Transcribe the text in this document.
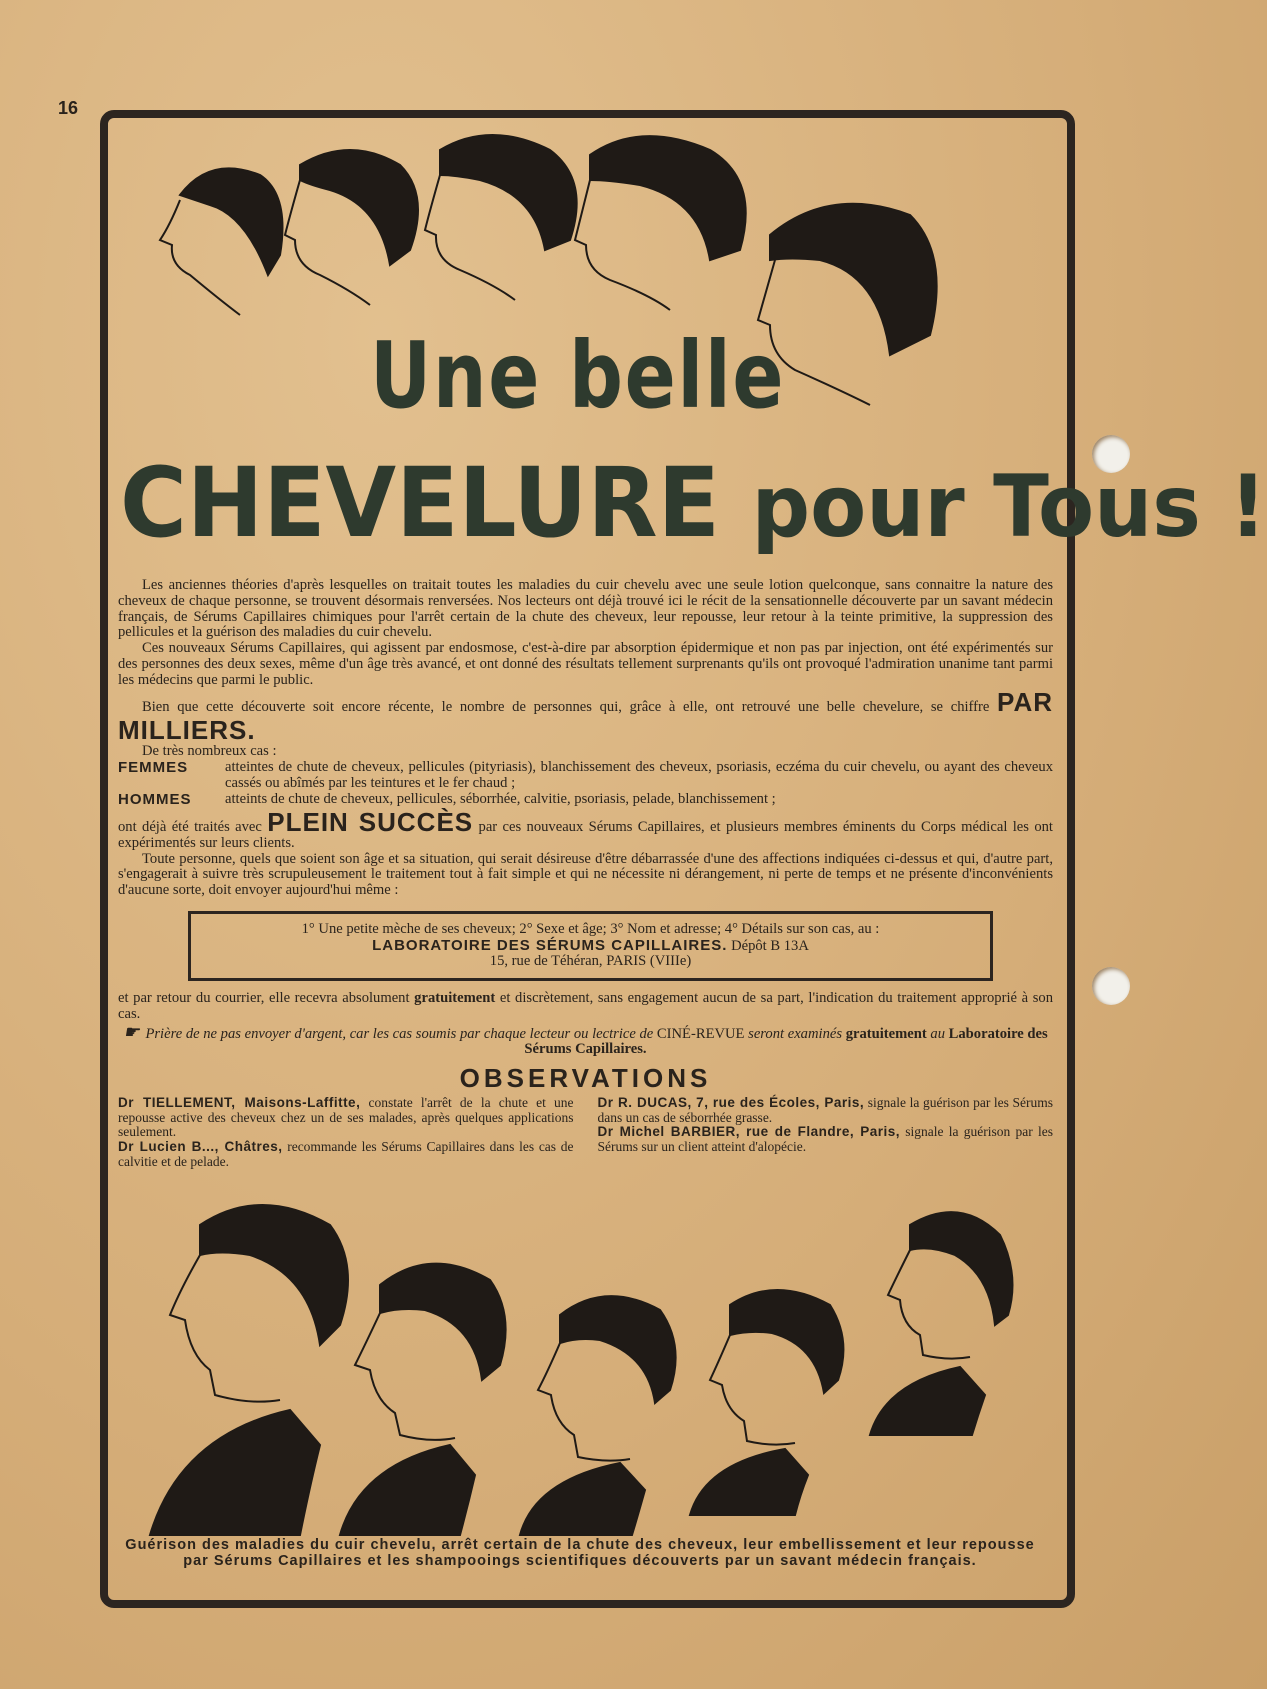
16
Une belle
CHEVELURE pour Tous !

Les anciennes théories d'après lesquelles on traitait toutes les maladies du cuir chevelu avec une seule lotion quelconque, sans connaitre la nature des cheveux de chaque personne, se trouvent désormais renversées. Nos lecteurs ont déjà trouvé ici le récit de la sensationnelle découverte par un savant médecin français, de Sérums Capillaires chimiques pour l'arrêt certain de la chute des cheveux, leur repousse, leur retour à la teinte primitive, la suppression des pellicules et la guérison des maladies du cuir chevelu.

Ces nouveaux Sérums Capillaires, qui agissent par endosmose, c'est-à-dire par absorption épidermique et non pas par injection, ont été expérimentés sur des personnes des deux sexes, même d'un âge très avancé, et ont donné des résultats tellement surprenants qu'ils ont provoqué l'admiration unanime tant parmi les médecins que parmi le public.

Bien que cette découverte soit encore récente, le nombre de personnes qui, grâce à elle, ont retrouvé une belle chevelure, se chiffre PAR MILLIERS.

De très nombreux cas :

FEMMES	atteintes de chute de cheveux, pellicules (pityriasis), blanchissement des cheveux, psoriasis, eczéma du cuir chevelu, ou ayant des cheveux cassés ou abîmés par les teintures et le fer chaud ;
HOMMES	atteints de chute de cheveux, pellicules, séborrhée, calvitie, psoriasis, pelade, blanchissement ;

ont déjà été traités avec PLEIN SUCCÈS par ces nouveaux Sérums Capillaires, et plusieurs membres éminents du Corps médical les ont expérimentés sur leurs clients.

Toute personne, quels que soient son âge et sa situation, qui serait désireuse d'être débarrassée d'une des affections indiquées ci-dessus et qui, d'autre part, s'engagerait à suivre très scrupuleusement le traitement tout à fait simple et qui ne nécessite ni dérangement, ni perte de temps et ne présente d'inconvénients d'aucune sorte, doit envoyer aujourd'hui même :

1° Une petite mèche de ses cheveux; 2° Sexe et âge; 3° Nom et adresse; 4° Détails sur son cas, au :
LABORATOIRE DES SÉRUMS CAPILLAIRES. Dépôt B 13A
15, rue de Téhéran, PARIS (VIIIe)

et par retour du courrier, elle recevra absolument gratuitement et discrètement, sans engagement aucun de sa part, l'indication du traitement approprié à son cas.

☛ Prière de ne pas envoyer d'argent, car les cas soumis par chaque lecteur ou lectrice de CINÉ-REVUE seront examinés gratuitement au Laboratoire des Sérums Capillaires.

OBSERVATIONS

Dr TIELLEMENT, Maisons-Laffitte, constate l'arrêt de la chute et une repousse active des cheveux chez un de ses malades, après quelques applications seulement.

Dr Lucien B..., Châtres, recommande les Sérums Capillaires dans les cas de calvitie et de pelade.

Dr R. DUCAS, 7, rue des Écoles, Paris, signale la guérison par les Sérums dans un cas de séborrhée grasse.

Dr Michel BARBIER, rue de Flandre, Paris, signale la guérison par les Sérums sur un client atteint d'alopécie.

Guérison des maladies du cuir chevelu, arrêt certain de la chute des cheveux, leur embellissement et leur repousse par Sérums Capillaires et les shampooings scientifiques découverts par un savant médecin français.
